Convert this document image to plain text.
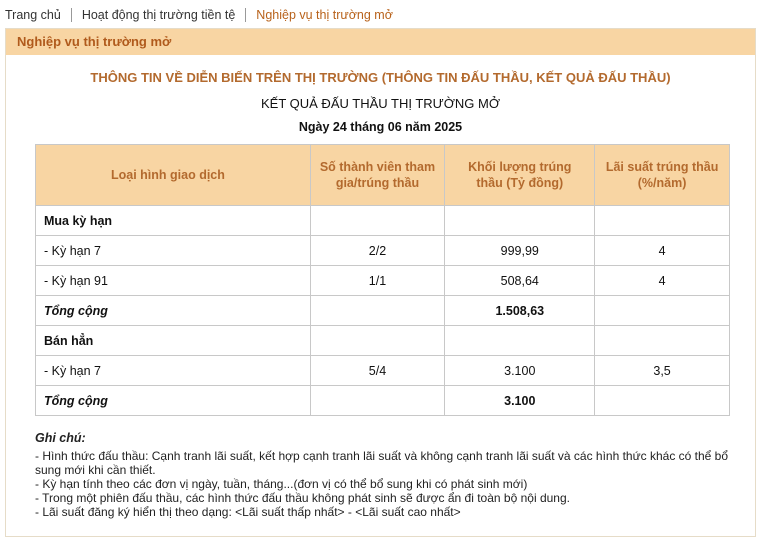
Trang chủ Hoạt động thị trường tiền tệ Nghiệp vụ thị trường mở
Nghiệp vụ thị trường mở
THÔNG TIN VỀ DIỄN BIẾN TRÊN THỊ TRƯỜNG (THÔNG TIN ĐẤU THẦU, KẾT QUẢ ĐẤU THẦU)
KẾT QUẢ ĐẤU THẦU THỊ TRƯỜNG MỞ
Ngày 24 tháng 06 năm 2025
Loại hình giao dịch	Số thành viên tham gia/trúng thầu	Khối lượng trúng thầu (Tỷ đồng)	Lãi suất trúng thầu (%/năm)
Mua kỳ hạn			
- Kỳ hạn 7	2/2	999,99	4
- Kỳ hạn 91	1/1	508,64	4
Tổng cộng		1.508,63	
Bán hẳn			
- Kỳ hạn 7	5/4	3.100	3,5
Tổng cộng		3.100	
Ghi chú:
- Hình thức đấu thầu: Cạnh tranh lãi suất, kết hợp cạnh tranh lãi suất và không cạnh tranh lãi suất và các hình thức khác có thể bổ sung mới khi cần thiết.
- Kỳ hạn tính theo các đơn vị ngày, tuần, tháng...(đơn vị có thể bổ sung khi có phát sinh mới)
- Trong một phiên đấu thầu, các hình thức đấu thầu không phát sinh sẽ được ẩn đi toàn bộ nội dung.
- Lãi suất đăng ký hiển thị theo dạng: <Lãi suất thấp nhất> - <Lãi suất cao nhất>
